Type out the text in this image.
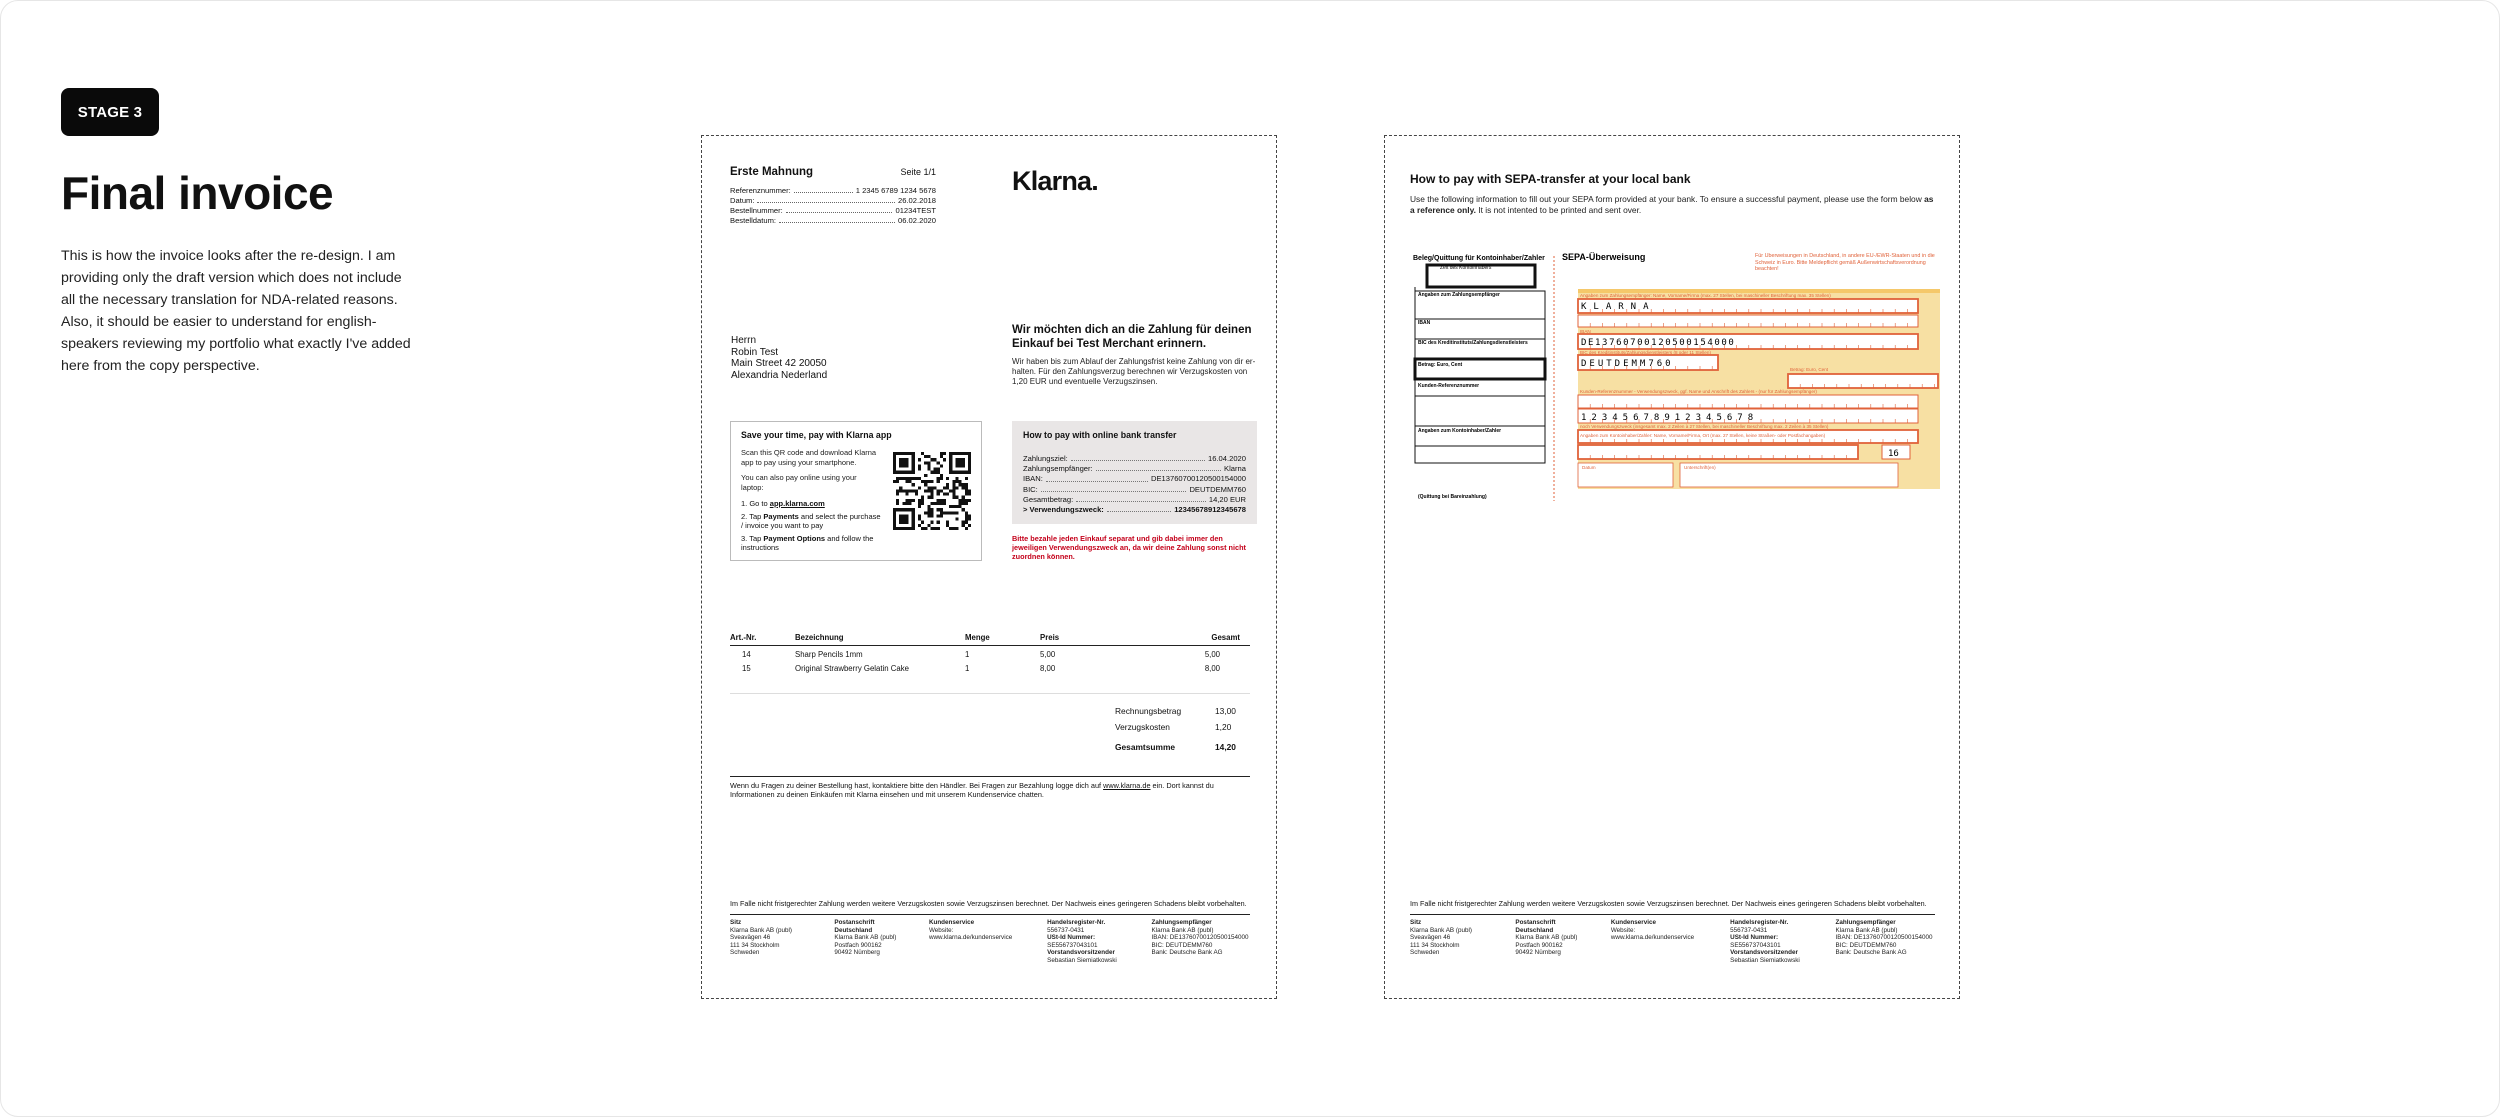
STAGE 3
Final invoice

This is how the invoice looks after the re-design. I am providing only the draft version which does not include all the necessary translation for NDA-related reasons. Also, it should be easier to understand for english-speakers reviewing my portfolio what exactly I've added here from the copy perspective.

Erste Mahnung	Seite 1/1
Referenznummer:	1 2345 6789 1234 5678
Datum:	26.02.2018
Bestellnummer:	01234TEST
Bestelldatum:	06.02.2020
Klarna.
Herrn
Robin Test
Main Street 42 20050
Alexandria Nederland
Wir möchten dich an die Zahlung für deinen Einkauf bei Test Merchant erinnern.
Wir haben bis zum Ablauf der Zahlungsfrist keine Zahlung von dir er- halten. Für den Zahlungsverzug berechnen wir Verzugskosten von 1,20 EUR und eventuelle Verzugszinsen.
Save your time, pay with Klarna app
Scan this QR code and download Klarna app to pay using your smartphone.
You can also pay online using your laptop:
1. Go to app.klarna.com
2. Tap Payments and select the purchase / invoice you want to pay
3. Tap Payment Options and follow the instructions
How to pay with online bank transfer
Zahlungsziel:	16.04.2020
Zahlungsempfänger:	Klarna
IBAN:	DE13760700120500154000
BIC:	DEUTDEMM760
Gesamtbetrag:	14,20 EUR
> Verwendungszweck:	12345678912345678
Bitte bezahle jeden Einkauf separat und gib dabei immer den jeweiligen Verwendungszweck an, da wir deine Zahlung sonst nicht zuordnen können.
Art.-Nr.	Bezeichnung	Menge	Preis	Gesamt
14	Sharp Pencils 1mm	1	5,00	5,00
15	Original Strawberry Gelatin Cake	1	8,00	8,00
Rechnungsbetrag	13,00
Verzugskosten	1,20
Gesamtsumme	14,20
Wenn du Fragen zu deiner Bestellung hast, kontaktiere bitte den Händler. Bei Fragen zur Bezahlung logge dich auf www.klarna.de ein. Dort kannst du Informationen zu deinen Einkäufen mit Klarna einsehen und mit unserem Kundenservice chatten.
Im Falle nicht fristgerechter Zahlung werden weitere Verzugskosten sowie Verzugszinsen berechnet. Der Nachweis eines geringeren Schadens bleibt vorbehalten.
Sitz
Klarna Bank AB (publ)
Sveavägen 46
111 34 Stockholm
Schweden
Postanschrift
Deutschland
Klarna Bank AB (publ)
Postfach 900162
90492 Nürnberg
Kundenservice
Website:
www.klarna.de/kundenservice
Handelsregister-Nr.
556737-0431
USt-Id Nummer:
SE556737043101
Vorstandsvorsitzender
Sebastian Siemiatkowski
Zahlungsempfänger
Klarna Bank AB (publ)
IBAN: DE13760700120500154000
BIC: DEUTDEMM760
Bank: Deutsche Bank AG
How to pay with SEPA-transfer at your local bank
Use the following information to fill out your SEPA form provided at your bank. To ensure a successful payment, please use the form below as a reference only. It is not intented to be printed and sent over.
Beleg/Quittung für Kontoinhaber/Zahler
Zeit des Kontoinhabers
Angaben zum Zahlungsempfänger
IBAN
BIC des Kreditinstituts/Zahlungsdienstleisters
Betrag: Euro, Cent
Kunden-Referenznummer
Angaben zum Kontoinhaber/Zahler
(Quittung bei Bareinzahlung)
SEPA-Überweisung	Für Überweisungen in Deutschland, in andere EU-/EWR-Staaten und in die Schweiz in Euro. Bitte Meldepflicht gemäß Außenwirtschaftsverordnung beachten!
Angaben zum Zahlungsempfänger: Name, Vorname/Firma (max. 27 Stellen, bei maschineller Beschriftung max. 35 Stellen)
KLARNA
IBAN
DE13760700120500154000
BIC des Kreditinstituts/Zahlungsdienstleisters (8 oder 11 Stellen)
DEUTDEMM760
Betrag: Euro, Cent
Kunden-Referenznummer - Verwendungszweck, ggf. Name und Anschrift des Zahlers - (nur für Zahlungsempfänger)
12345678912345678
noch Verwendungszweck (insgesamt max. 2 Zeilen à 27 Stellen, bei maschineller Beschriftung max. 2 Zeilen à 35 Stellen)
Angaben zum Kontoinhaber/Zahler: Name, Vorname/Firma, Ort (max. 27 Stellen, keine Straßen- oder Postfachangaben)
16
Datum	Unterschrift(en)
Im Falle nicht fristgerechter Zahlung werden weitere Verzugskosten sowie Verzugszinsen berechnet. Der Nachweis eines geringeren Schadens bleibt vorbehalten.
Sitz
Klarna Bank AB (publ)
Sveavägen 46
111 34 Stockholm
Schweden
Postanschrift
Deutschland
Klarna Bank AB (publ)
Postfach 900162
90492 Nürnberg
Kundenservice
Website:
www.klarna.de/kundenservice
Handelsregister-Nr.
556737-0431
USt-Id Nummer:
SE556737043101
Vorstandsvorsitzender
Sebastian Siemiatkowski
Zahlungsempfänger
Klarna Bank AB (publ)
IBAN: DE13760700120500154000
BIC: DEUTDEMM760
Bank: Deutsche Bank AG
